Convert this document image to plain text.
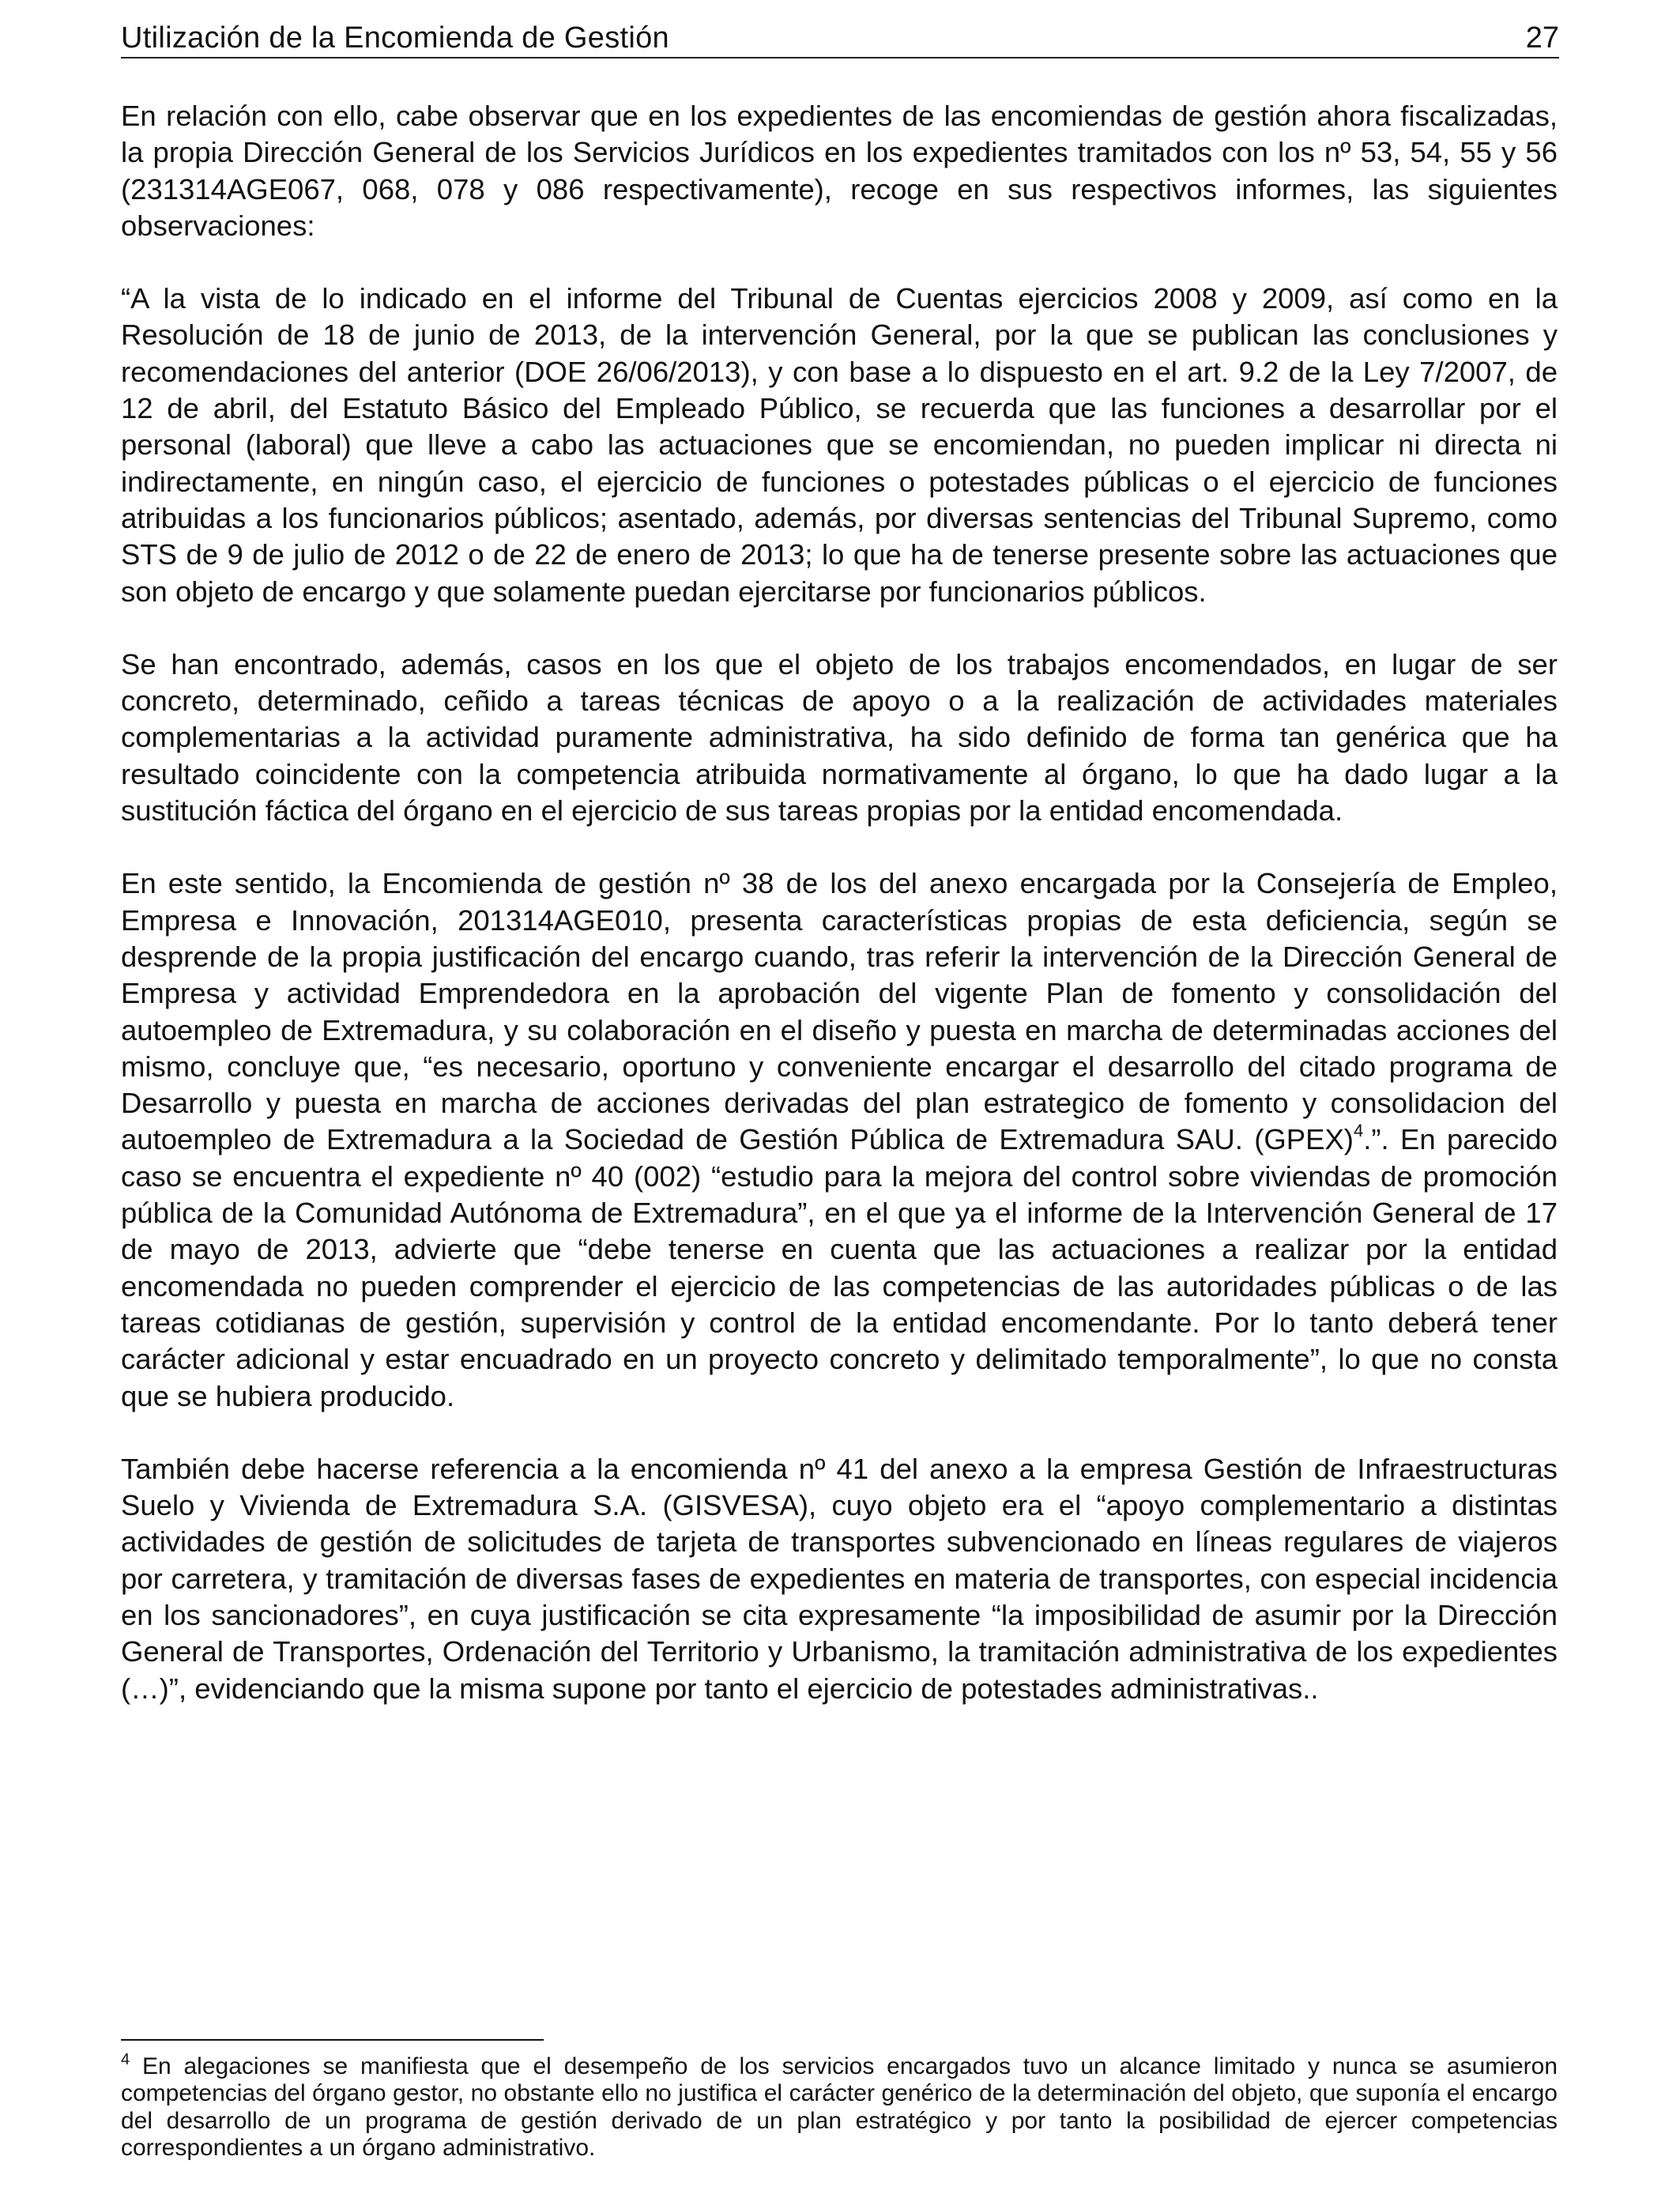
Utilización de la Encomienda de Gestión	27

En relación con ello, cabe observar que en los expedientes de las encomiendas de gestión ahora fiscalizadas, la propia Dirección General de los Servicios Jurídicos en los expedientes tramitados con los nº 53, 54, 55 y 56 (231314AGE067, 068, 078 y 086 respectivamente), recoge en sus respectivos informes, las siguientes observaciones:

“A la vista de lo indicado en el informe del Tribunal de Cuentas ejercicios 2008 y 2009, así como en la Resolución de 18 de junio de 2013, de la intervención General, por la que se publican las conclusiones y recomendaciones del anterior (DOE 26/06/2013), y con base a lo dispuesto en el art. 9.2 de la Ley 7/2007, de 12 de abril, del Estatuto Básico del Empleado Público, se recuerda que las funciones a desarrollar por el personal (laboral) que lleve a cabo las actuaciones que se encomiendan, no pueden implicar ni directa ni indirectamente, en ningún caso, el ejercicio de funciones o potestades públicas o el ejercicio de funciones atribuidas a los funcionarios públicos; asentado, además, por diversas sentencias del Tribunal Supremo, como STS de 9 de julio de 2012 o de 22 de enero de 2013; lo que ha de tenerse presente sobre las actuaciones que son objeto de encargo y que solamente puedan ejercitarse por funcionarios públicos.

Se han encontrado, además, casos en los que el objeto de los trabajos encomendados, en lugar de ser concreto, determinado, ceñido a tareas técnicas de apoyo o a la realización de actividades materiales complementarias a la actividad puramente administrativa, ha sido definido de forma tan genérica que ha resultado coincidente con la competencia atribuida normativamente al órgano, lo que ha dado lugar a la sustitución fáctica del órgano en el ejercicio de sus tareas propias por la entidad encomendada.

En este sentido, la Encomienda de gestión nº 38 de los del anexo encargada por la Consejería de Empleo, Empresa e Innovación, 201314AGE010, presenta características propias de esta deficiencia, según se desprende de la propia justificación del encargo cuando, tras referir la intervención de la Dirección General de Empresa y actividad Emprendedora en la aprobación del vigente Plan de fomento y consolidación del autoempleo de Extremadura, y su colaboración en el diseño y puesta en marcha de determinadas acciones del mismo, concluye que, “es necesario, oportuno y conveniente encargar el desarrollo del citado programa de Desarrollo y puesta en marcha de acciones derivadas del plan estrategico de fomento y consolidacion del autoempleo de Extremadura a la Sociedad de Gestión Pública de Extremadura SAU. (GPEX)$^4$.”. En parecido caso se encuentra el expediente nº 40 (002) “estudio para la mejora del control sobre viviendas de promoción pública de la Comunidad Autónoma de Extremadura”, en el que ya el informe de la Intervención General de 17 de mayo de 2013, advierte que “debe tenerse en cuenta que las actuaciones a realizar por la entidad encomendada no pueden comprender el ejercicio de las competencias de las autoridades públicas o de las tareas cotidianas de gestión, supervisión y control de la entidad encomendante. Por lo tanto deberá tener carácter adicional y estar encuadrado en un proyecto concreto y delimitado temporalmente”, lo que no consta que se hubiera producido.

También debe hacerse referencia a la encomienda nº 41 del anexo a la empresa Gestión de Infraestructuras Suelo y Vivienda de Extremadura S.A. (GISVESA), cuyo objeto era el “apoyo complementario a distintas actividades de gestión de solicitudes de tarjeta de transportes subvencionado en líneas regulares de viajeros por carretera, y tramitación de diversas fases de expedientes en materia de transportes, con especial incidencia en los sancionadores”, en cuya justificación se cita expresamente “la imposibilidad de asumir por la Dirección General de Transportes, Ordenación del Territorio y Urbanismo, la tramitación administrativa de los expedientes (…)”, evidenciando que la misma supone por tanto el ejercicio de potestades administrativas..

$^4$ En alegaciones se manifiesta que el desempeño de los servicios encargados tuvo un alcance limitado y nunca se asumieron competencias del órgano gestor, no obstante ello no justifica el carácter genérico de la determinación del objeto, que suponía el encargo del desarrollo de un programa de gestión derivado de un plan estratégico y por tanto la posibilidad de ejercer competencias correspondientes a un órgano administrativo.
